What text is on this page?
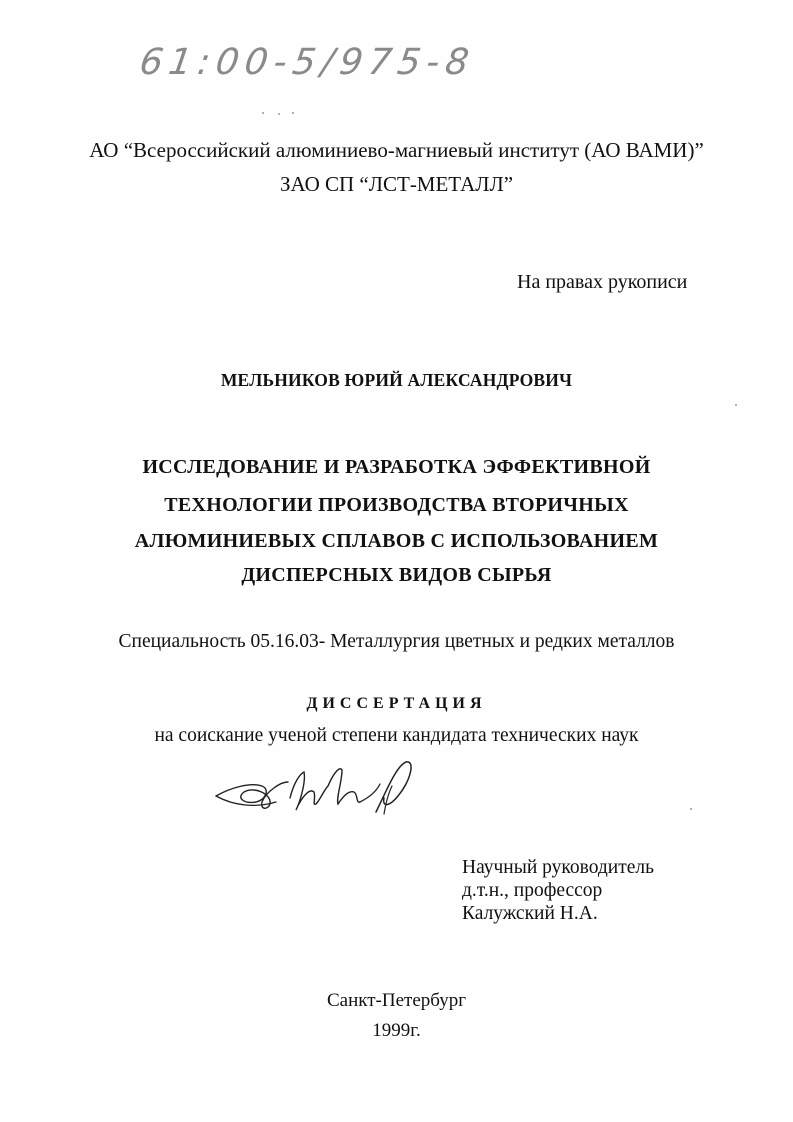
61:00-5/975-8
АО “Всероссийский алюминиево-магниевый институт (АО ВАМИ)”
ЗАО СП “ЛСТ-МЕТАЛЛ”
На правах рукописи
МЕЛЬНИКОВ ЮРИЙ АЛЕКСАНДРОВИЧ
ИССЛЕДОВАНИЕ И РАЗРАБОТКА ЭФФЕКТИВНОЙ
ТЕХНОЛОГИИ ПРОИЗВОДСТВА ВТОРИЧНЫХ
АЛЮМИНИЕВЫХ СПЛАВОВ С ИСПОЛЬЗОВАНИЕМ
ДИСПЕРСНЫХ ВИДОВ СЫРЬЯ
Специальность 05.16.03- Металлургия цветных и редких металлов
ДИССЕРТАЦИЯ
на соискание ученой степени кандидата технических наук
Научный руководитель
д.т.н., профессор
Калужский Н.А.
Санкт-Петербург
1999г.
